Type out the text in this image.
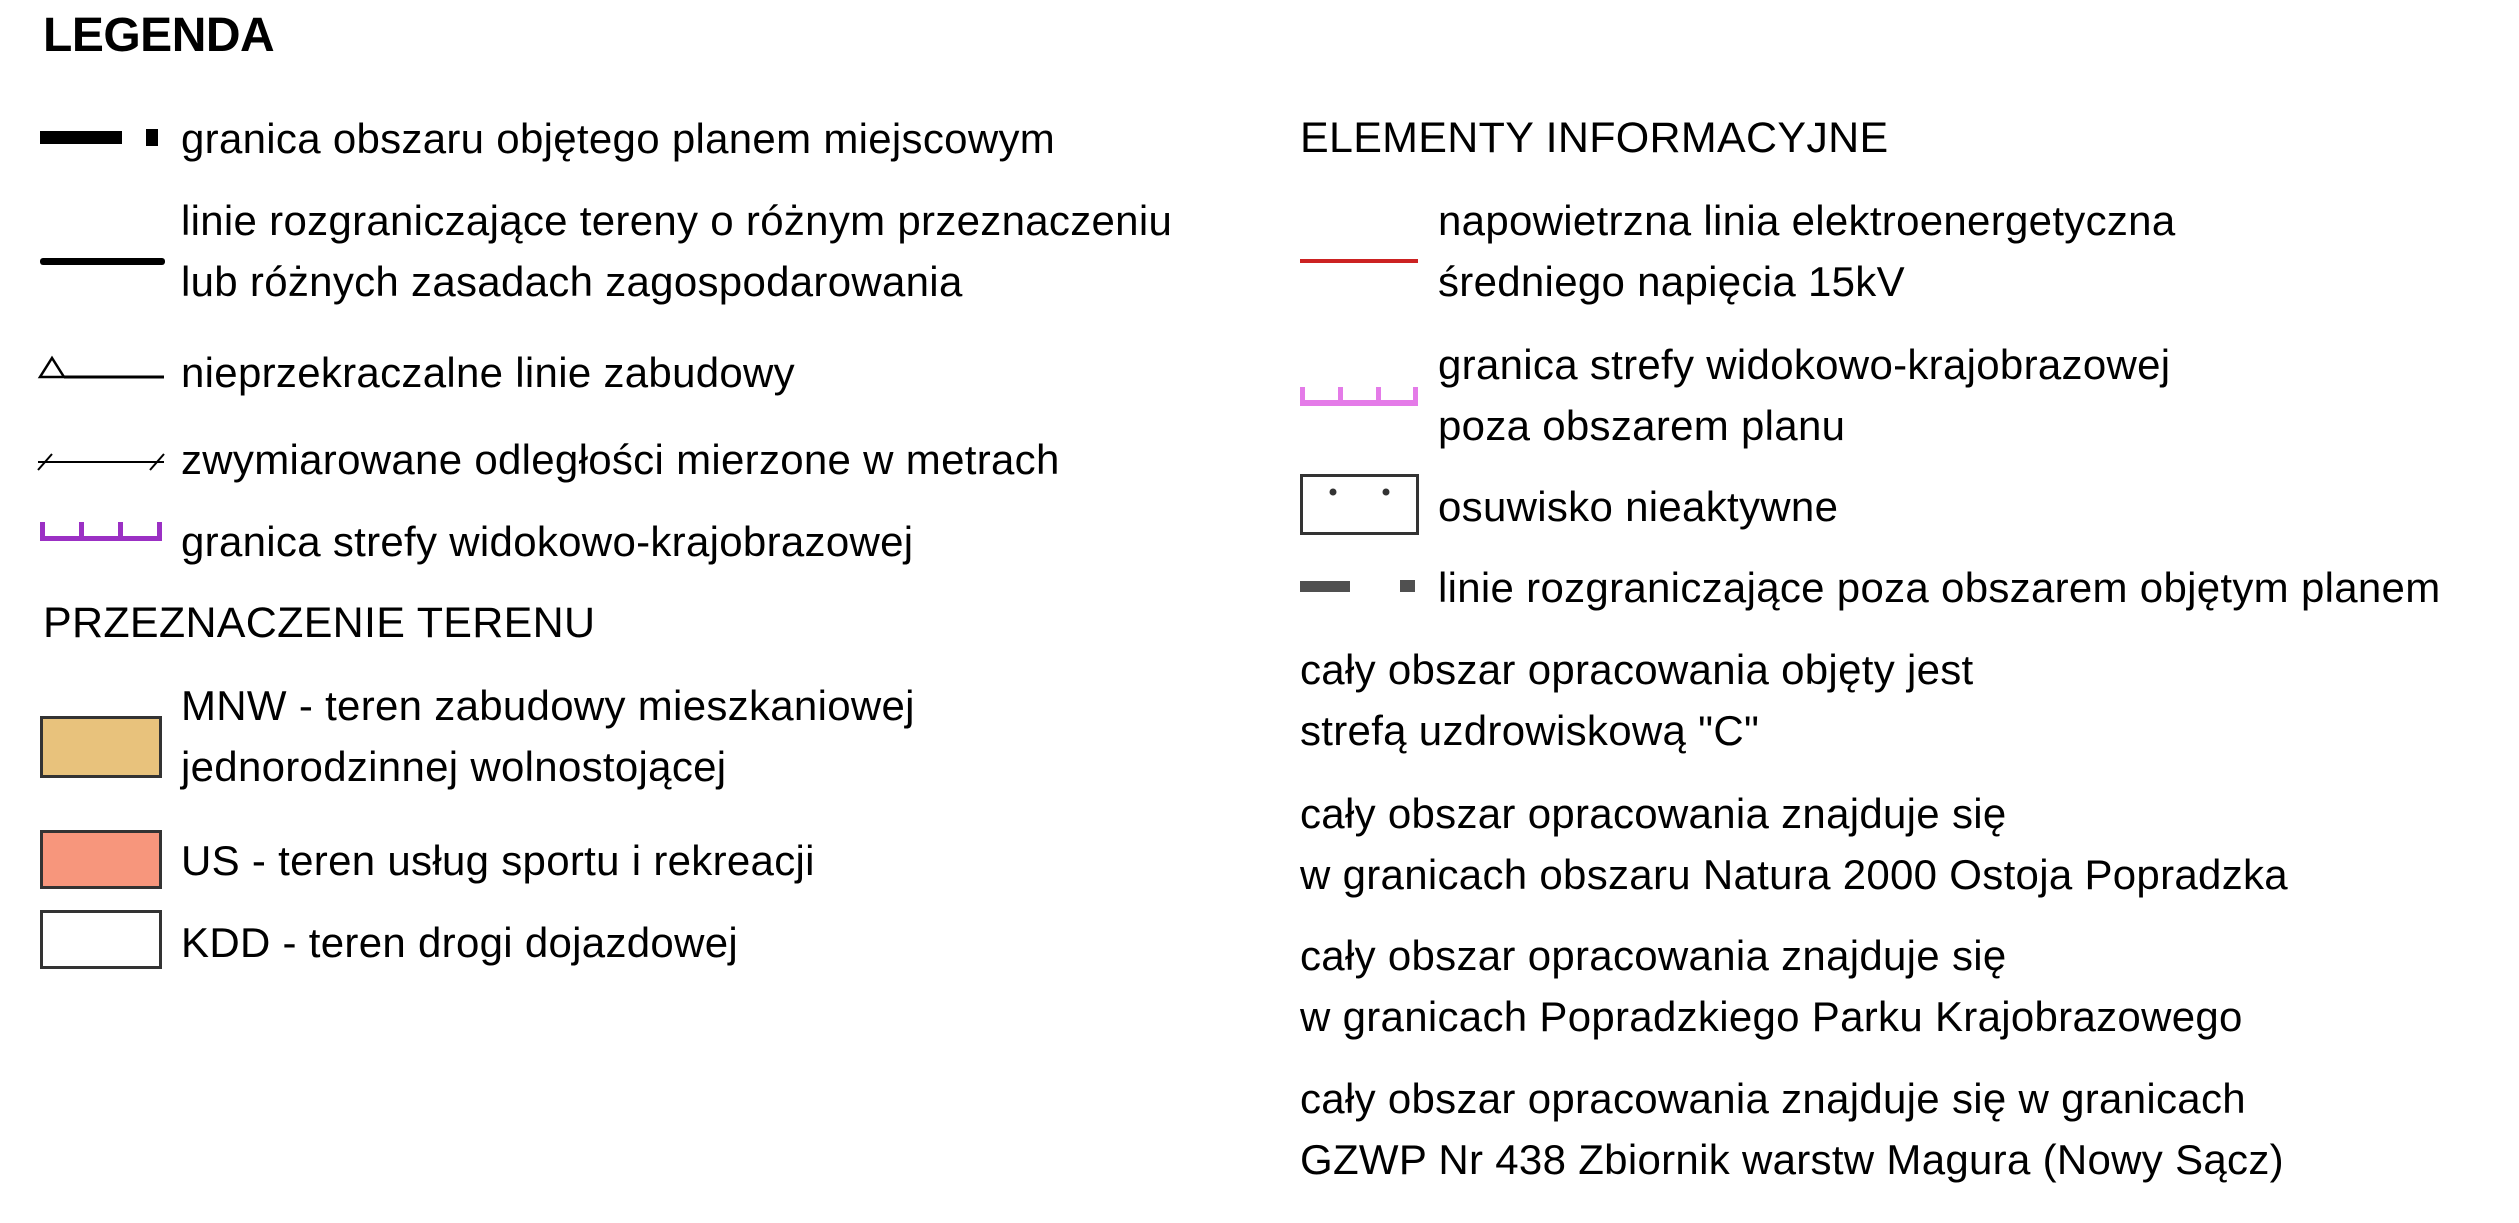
LEGENDA
granica obszaru objętego planem miejscowym
linie rozgraniczające tereny o różnym przeznaczeniu
lub różnych zasadach zagospodarowania
nieprzekraczalne linie zabudowy
zwymiarowane odległości mierzone w metrach
granica strefy widokowo-krajobrazowej
PRZEZNACZENIE TERENU
MNW - teren zabudowy mieszkaniowej
jednorodzinnej wolnostojącej
US - teren usług sportu i rekreacji
KDD - teren drogi dojazdowej
ELEMENTY INFORMACYJNE
napowietrzna linia elektroenergetyczna
średniego napięcia 15kV
granica strefy widokowo-krajobrazowej
poza obszarem planu
osuwisko nieaktywne
linie rozgraniczające poza obszarem objętym planem
cały obszar opracowania objęty jest
strefą uzdrowiskową "C"
cały obszar opracowania znajduje się
w granicach obszaru Natura 2000 Ostoja Popradzka
cały obszar opracowania znajduje się
w granicach Popradzkiego Parku Krajobrazowego
cały obszar opracowania znajduje się w granicach
GZWP Nr 438 Zbiornik warstw Magura (Nowy Sącz)
